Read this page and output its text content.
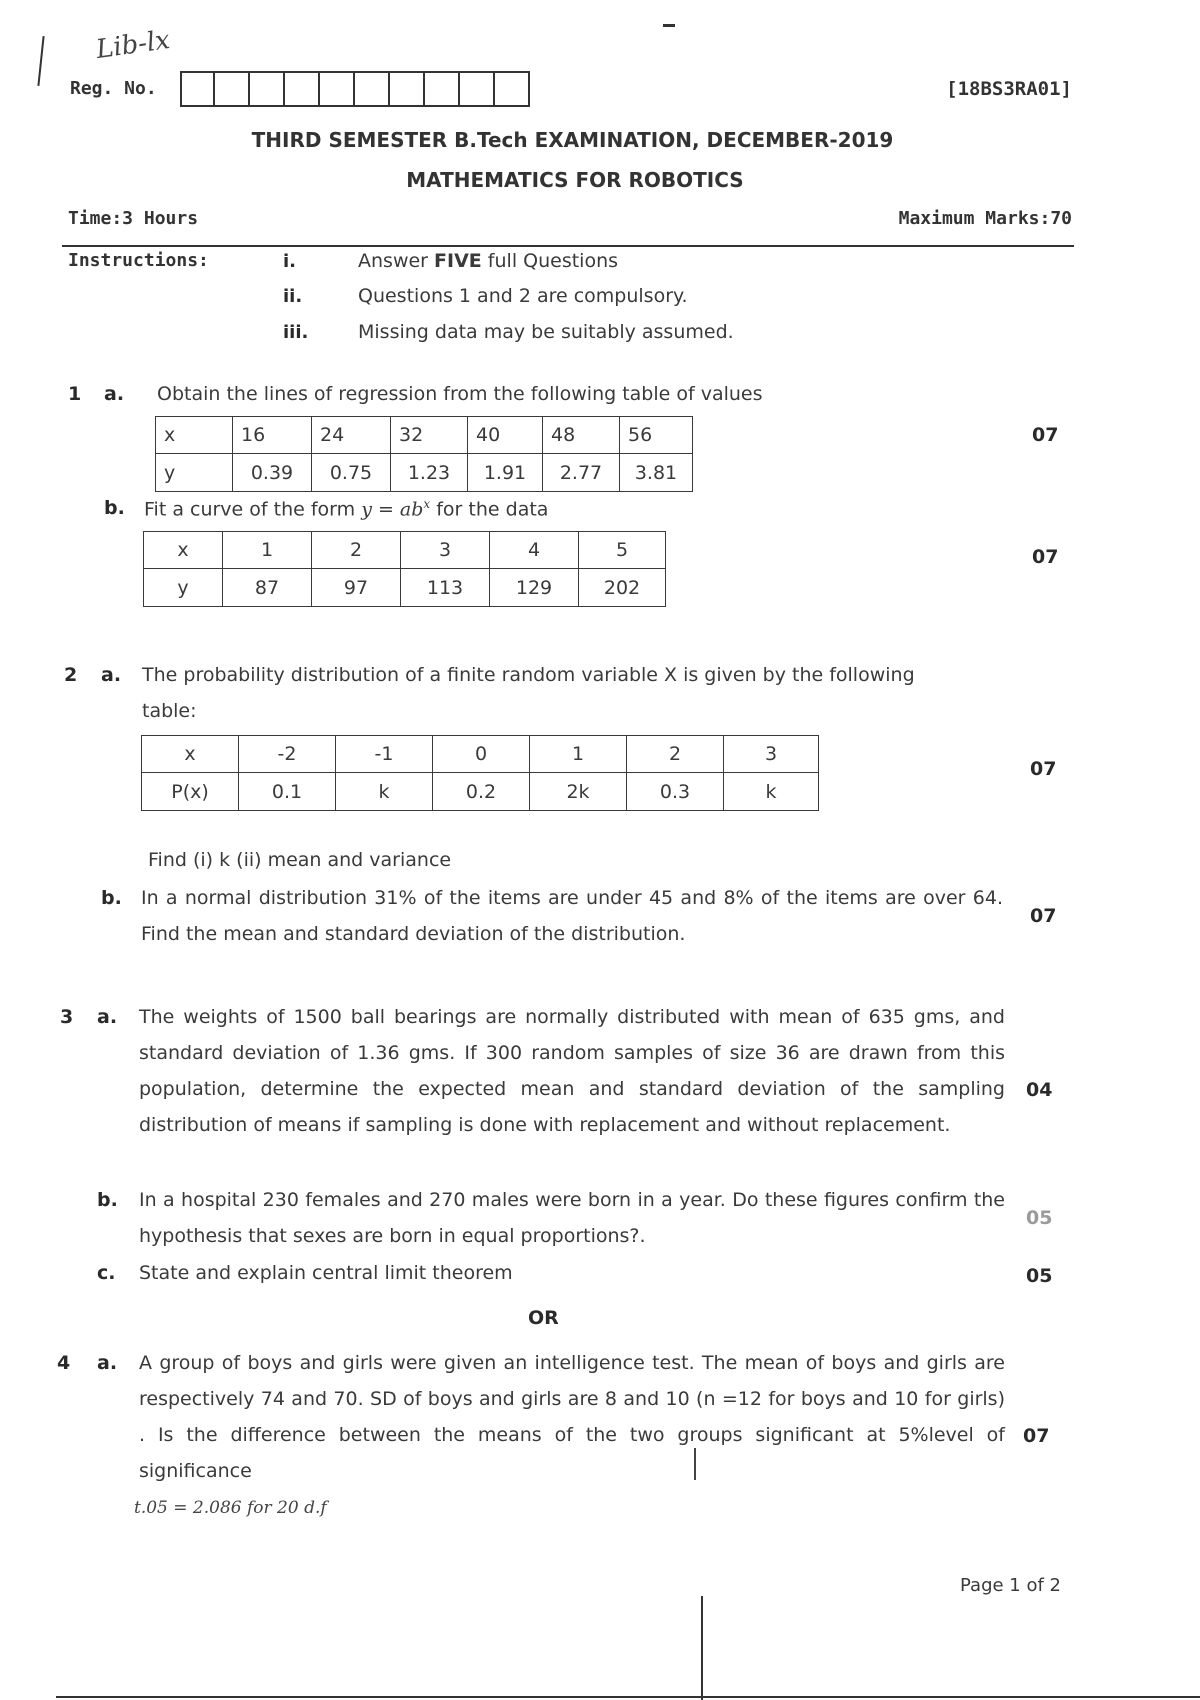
Lib-lx
Reg. No.	[18BS3RA01]
THIRD SEMESTER B.Tech EXAMINATION, DECEMBER-2019
MATHEMATICS FOR ROBOTICS
Time:3 Hours	Maximum Marks:70
Instructions:	i.	Answer FIVE full Questions
ii.	Questions 1 and 2 are compulsory.
iii.	Missing data may be suitably assumed.
1 a. Obtain the lines of regression from the following table of values
x	16	24	32	40	48	56
y	0.39	0.75	1.23	1.91	2.77	3.81
07
b. Fit a curve of the form $y = ab^x$ for the data
x	1	2	3	4	5
y	87	97	113	129	202
07
2 a. The probability distribution of a finite random variable X is given by the following table:
x	-2	-1	0	1	2	3
P(x)	0.1	k	0.2	2k	0.3	k
07
Find (i) k (ii) mean and variance
b. In a normal distribution 31% of the items are under 45 and 8% of the items are over 64. Find the mean and standard deviation of the distribution.
07
3 a. The weights of 1500 ball bearings are normally distributed with mean of 635 gms, and standard deviation of 1.36 gms. If 300 random samples of size 36 are drawn from this population, determine the expected mean and standard deviation of the sampling distribution of means if sampling is done with replacement and without replacement.
04
b. In a hospital 230 females and 270 males were born in a year. Do these figures confirm the hypothesis that sexes are born in equal proportions?.
05
c. State and explain central limit theorem	05
OR
4 a. A group of boys and girls were given an intelligence test. The mean of boys and girls are respectively 74 and 70. SD of boys and girls are 8 and 10 (n =12 for boys and 10 for girls) . Is the difference between the means of the two groups significant at 5%level of significance
t.05 = 2.086 for 20 d.f
07
Page 1 of 2
